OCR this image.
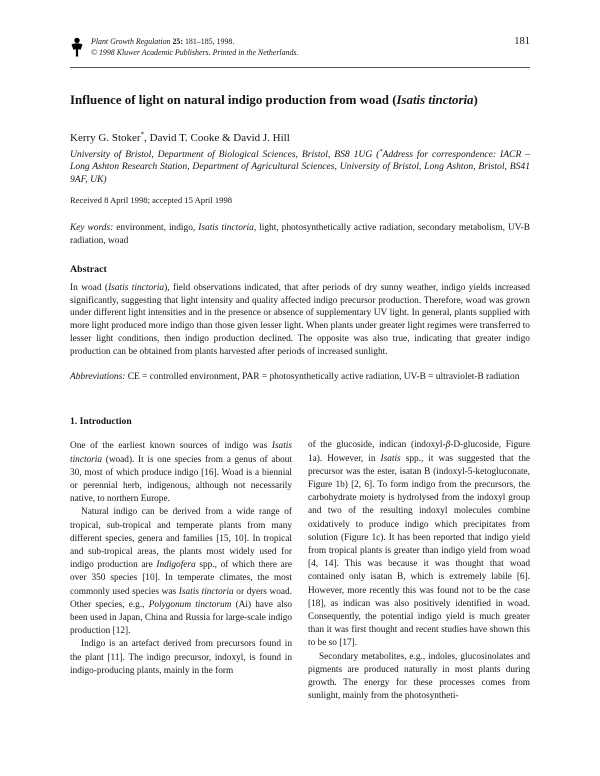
Plant Growth Regulation 25: 181–185, 1998.
© 1998 Kluwer Academic Publishers. Printed in the Netherlands.
181
Influence of light on natural indigo production from woad (Isatis tinctoria)
Kerry G. Stoker*, David T. Cooke & David J. Hill
University of Bristol, Department of Biological Sciences, Bristol, BS8 1UG (*Address for correspondence: IACR – Long Ashton Research Station, Department of Agricultural Sciences, University of Bristol, Long Ashton, Bristol, BS41 9AF, UK)
Received 8 April 1998; accepted 15 April 1998

Key words: environment, indigo, Isatis tinctoria, light, photosynthetically active radiation, secondary metabolism, UV-B radiation, woad

Abstract

In woad (Isatis tinctoria), field observations indicated, that after periods of dry sunny weather, indigo yields increased significantly, suggesting that light intensity and quality affected indigo precursor production. Therefore, woad was grown under different light intensities and in the presence or absence of supplementary UV light. In general, plants supplied with more light produced more indigo than those given lesser light. When plants under greater light regimes were transferred to lesser light conditions, then indigo production declined. The opposite was also true, indicating that greater indigo production can be obtained from plants harvested after periods of increased sunlight.

Abbreviations: CE = controlled environment, PAR = photosynthetically active radiation, UV-B = ultraviolet-B radiation

1. Introduction

One of the earliest known sources of indigo was Isatis tinctoria (woad). It is one species from a genus of about 30, most of which produce indigo [16]. Woad is a biennial or perennial herb, indigenous, although not necessarily native, to northern Europe.

Natural indigo can be derived from a wide range of tropical, sub-tropical and temperate plants from many different species, genera and families [15, 10]. In tropical and sub-tropical areas, the plants most widely used for indigo production are Indigofera spp., of which there are over 350 species [10]. In temperate climates, the most commonly used species was Isatis tinctoria or dyers woad. Other species, e.g., Polygonum tinctorum (Ai) have also been used in Japan, China and Russia for large-scale indigo production [12].

Indigo is an artefact derived from precursors found in the plant [11]. The indigo precursor, indoxyl, is found in indigo-producing plants, mainly in the form

of the glucoside, indican (indoxyl-β-D-glucoside, Figure 1a). However, in Isatis spp., it was suggested that the precursor was the ester, isatan B (indoxyl-5-ketogluconate, Figure 1b) [2, 6]. To form indigo from the precursors, the carbohydrate moiety is hydrolysed from the indoxyl group and two of the resulting indoxyl molecules combine oxidatively to produce indigo which precipitates from solution (Figure 1c). It has been reported that indigo yield from tropical plants is greater than indigo yield from woad [4, 14]. This was because it was thought that woad contained only isatan B, which is extremely labile [6]. However, more recently this was found not to be the case [18], as indican was also positively identified in woad. Consequently, the potential indigo yield is much greater than it was first thought and recent studies have shown this to be so [17].

Secondary metabolites, e.g., indoles, glucosinolates and pigments are produced naturally in most plants during growth. The energy for these processes comes from sunlight, mainly from the photosyntheti-
